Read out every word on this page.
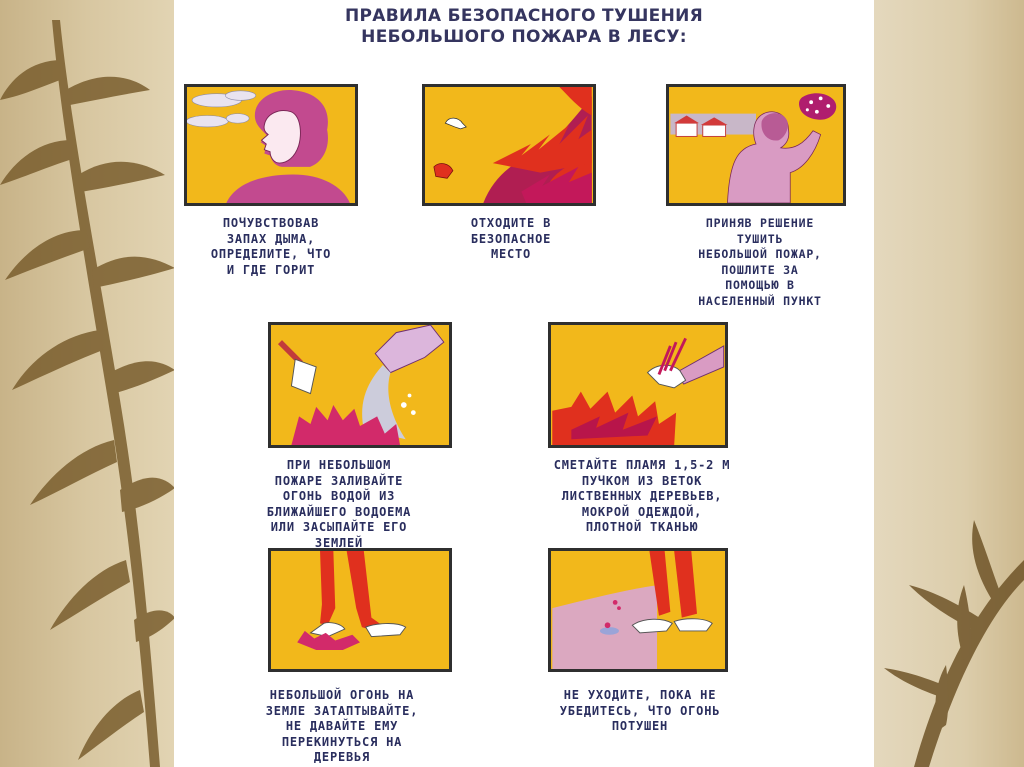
ПРАВИЛА БЕЗОПАСНОГО ТУШЕНИЯ
НЕБОЛЬШОГО ПОЖАРА В ЛЕСУ:
ПОЧУВСТВОВАВ
ЗАПАХ ДЫМА,
ОПРЕДЕЛИТЕ, ЧТО
И ГДЕ ГОРИТ
ОТХОДИТЕ В
БЕЗОПАСНОЕ
МЕСТО
ПРИНЯВ РЕШЕНИЕ
ТУШИТЬ
НЕБОЛЬШОЙ ПОЖАР,
ПОШЛИТЕ ЗА
ПОМОЩЬЮ В
НАСЕЛЕННЫЙ ПУНКТ
ПРИ НЕБОЛЬШОМ
ПОЖАРЕ ЗАЛИВАЙТЕ
ОГОНЬ ВОДОЙ ИЗ
БЛИЖАЙШЕГО ВОДОЕМА
ИЛИ ЗАСЫПАЙТЕ ЕГО
ЗЕМЛЕЙ
СМЕТАЙТЕ ПЛАМЯ 1,5-2 М
ПУЧКОМ ИЗ ВЕТОК
ЛИСТВЕННЫХ ДЕРЕВЬЕВ,
МОКРОЙ ОДЕЖДОЙ,
ПЛОТНОЙ ТКАНЬЮ
НЕБОЛЬШОЙ ОГОНЬ НА
ЗЕМЛЕ ЗАТАПТЫВАЙТЕ,
НЕ ДАВАЙТЕ ЕМУ
ПЕРЕКИНУТЬСЯ НА
ДЕРЕВЬЯ
НЕ УХОДИТЕ, ПОКА НЕ
УБЕДИТЕСЬ, ЧТО ОГОНЬ
ПОТУШЕН
